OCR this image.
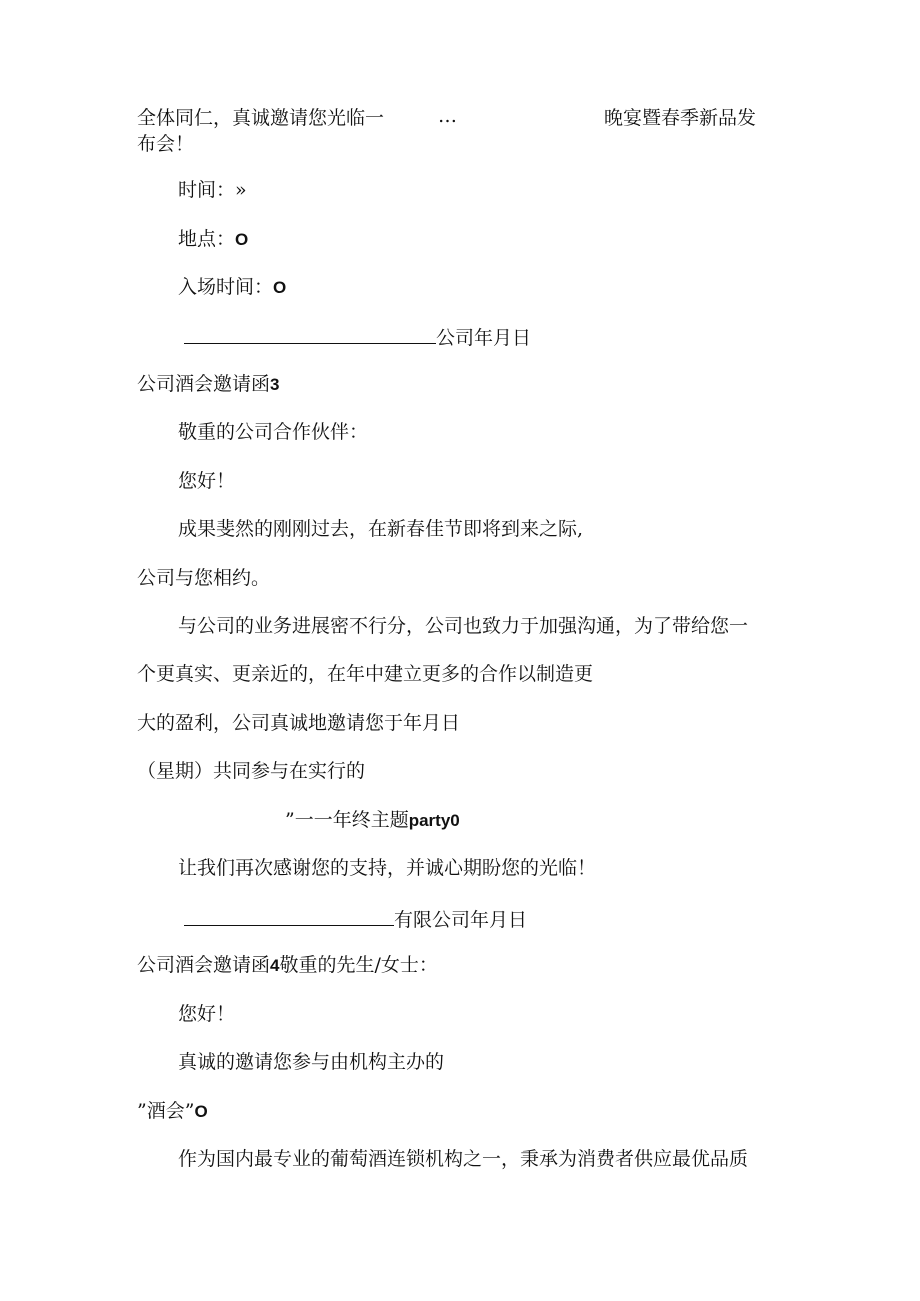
全体同仁，真诚邀请您光临一	…	晚宴暨春季新品发
布会！
时间：»
地点：O
入场时间：O
公司年月日
公司酒会邀请函3
敬重的公司合作伙伴：
您好！
成果斐然的刚刚过去，在新春佳节即将到来之际,
公司与您相约。
与公司的业务进展密不行分，公司也致力于加强沟通，为了带给您一
个更真实、更亲近的，在年中建立更多的合作以制造更
大的盈利，公司真诚地邀请您于年月日
（星期）共同参与在实行的
”一一年终主题party0
让我们再次感谢您的支持，并诚心期盼您的光临！
有限公司年月日
公司酒会邀请函4敬重的先生/女士：
您好！
真诚的邀请您参与由机构主办的
”酒会”O
作为国内最专业的葡萄酒连锁机构之一，秉承为消费者供应最优品质
